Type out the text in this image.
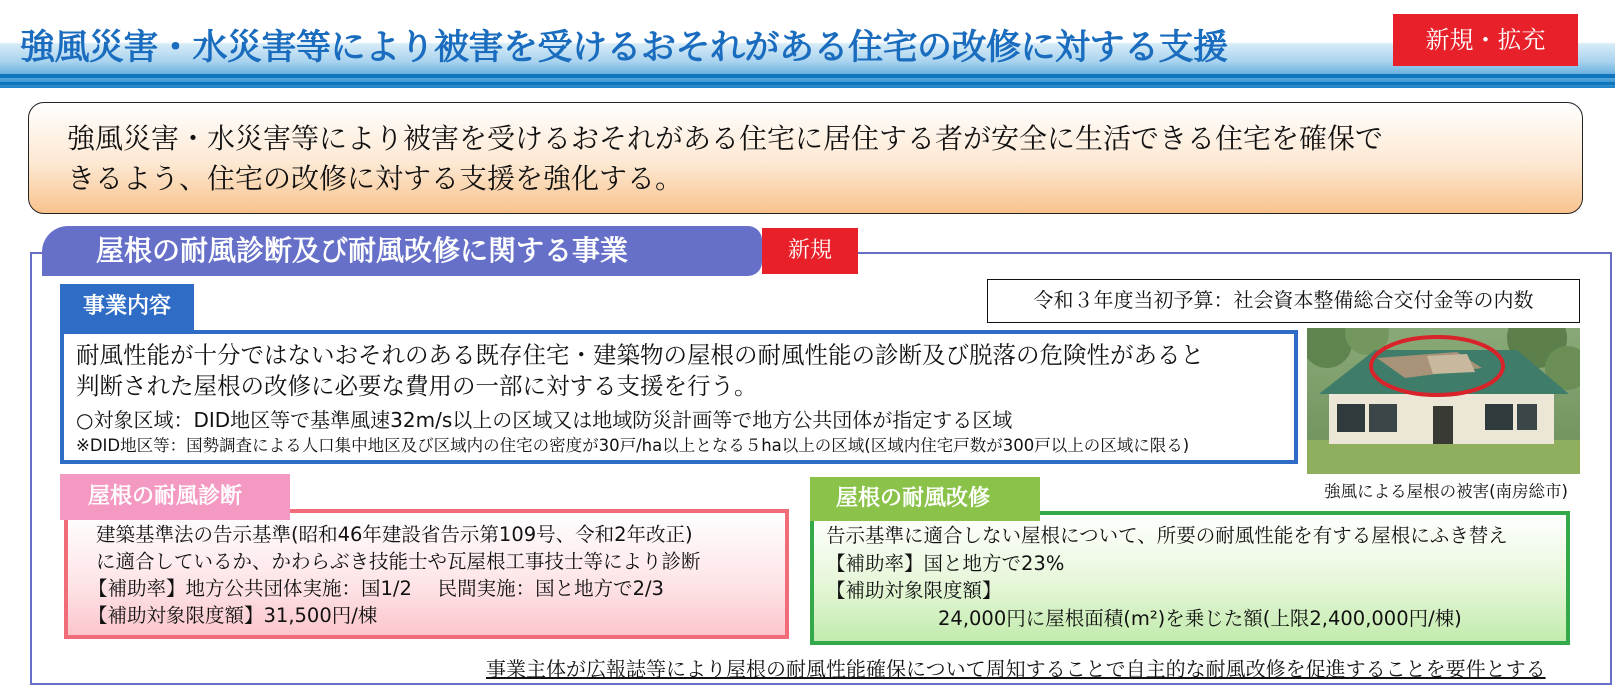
強風災害・水災害等により被害を受けるおそれがある住宅の改修に対する支援	新規・拡充
強風災害・水災害等により被害を受けるおそれがある住宅に居住する者が安全に生活できる住宅を確保で
きるよう、住宅の改修に対する支援を強化する。
屋根の耐風診断及び耐風改修に関する事業	新規
令和３年度当初予算：社会資本整備総合交付金等の内数
事業内容
耐風性能が十分ではないおそれのある既存住宅・建築物の屋根の耐風性能の診断及び脱落の危険性があると
判断された屋根の改修に必要な費用の一部に対する支援を行う。
○対象区域：DID地区等で基準風速32m/s以上の区域又は地域防災計画等で地方公共団体が指定する区域
※DID地区等：国勢調査による人口集中地区及び区域内の住宅の密度が30戸/ha以上となる５ha以上の区域(区域内住宅戸数が300戸以上の区域に限る)
強風による屋根の被害(南房総市)
建築基準法の告示基準(昭和46年建設省告示第109号、令和2年改正)
に適合しているか、かわらぶき技能士や瓦屋根工事技士等により診断
【補助率】地方公共団体実施：国1/2　 民間実施：国と地方で2/3
【補助対象限度額】31,500円/棟
屋根の耐風診断
告示基準に適合しない屋根について、所要の耐風性能を有する屋根にふき替え
【補助率】国と地方で23%
【補助対象限度額】
24,000円に屋根面積(m²)を乗じた額(上限2,400,000円/棟)
屋根の耐風改修
事業主体が広報誌等により屋根の耐風性能確保について周知することで自主的な耐風改修を促進することを要件とする
